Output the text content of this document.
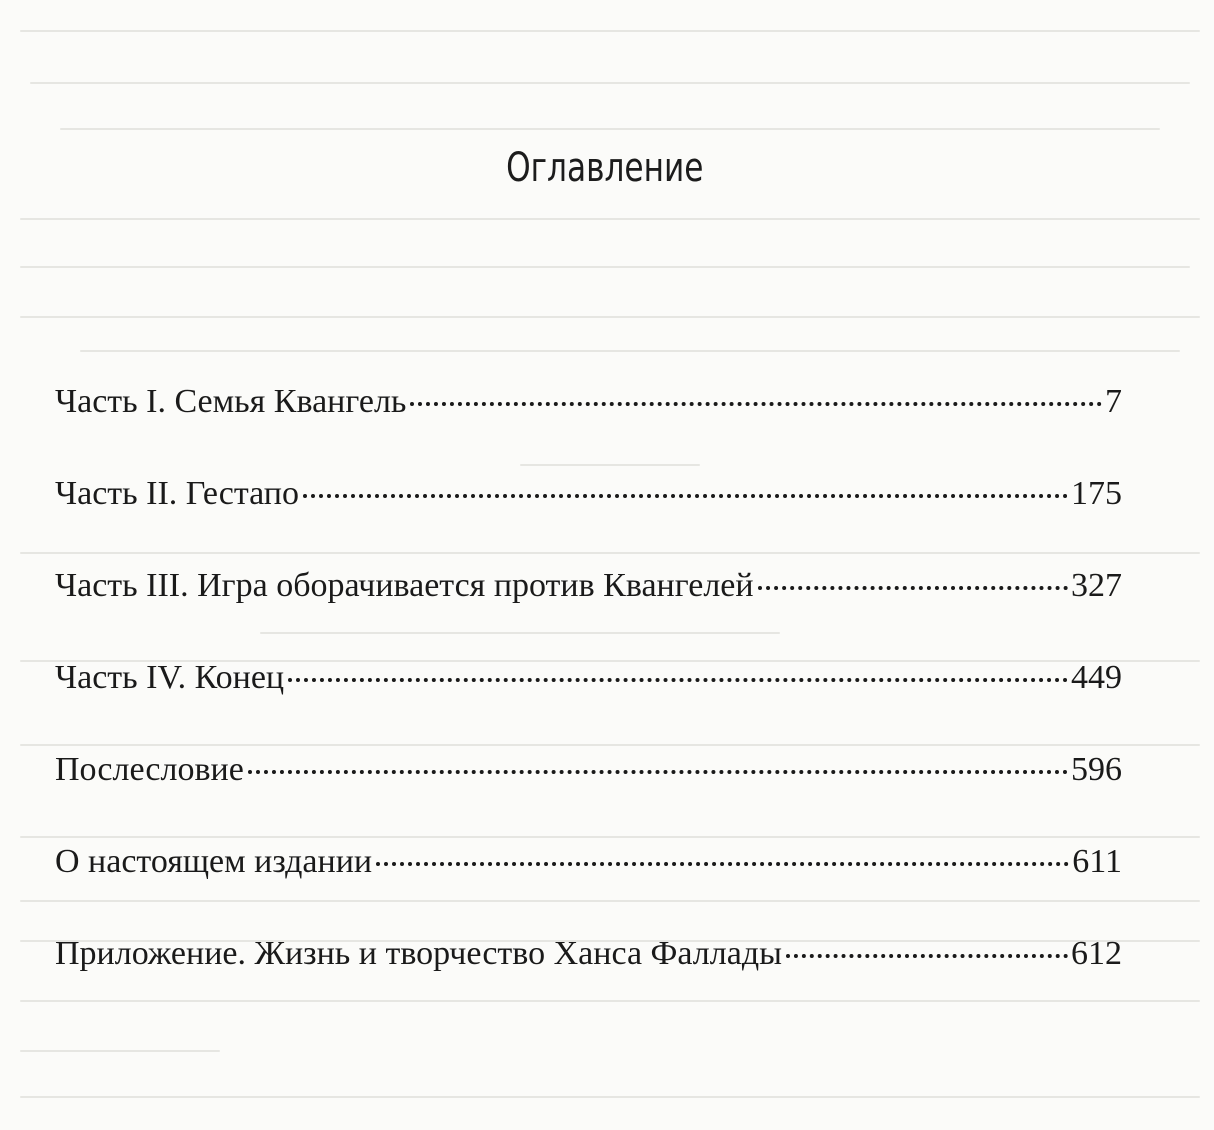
Оглавление
Часть I. Семья Квангель	7
Часть II. Гестапо	175
Часть III. Игра оборачивается против Квангелей	327
Часть IV. Конец	449
Послесловие	596
О настоящем издании	611
Приложение. Жизнь и творчество Ханса Фаллады	612
